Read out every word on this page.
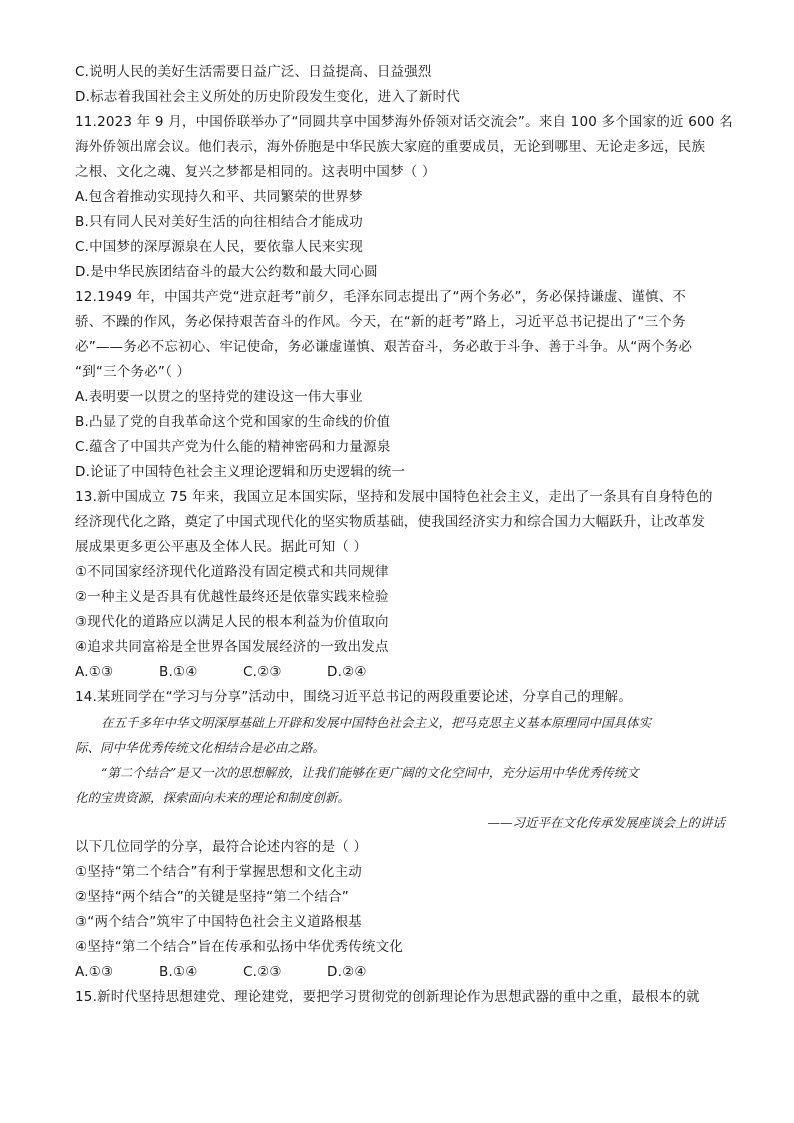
C.说明人民的美好生活需要日益广泛、日益提高、日益强烈

D.标志着我国社会主义所处的历史阶段发生变化，进入了新时代

11.2023 年 9 月，中国侨联举办了“同圆共享中国梦海外侨领对话交流会”。来自 100 多个国家的近 600 名

海外侨领出席会议。他们表示，海外侨胞是中华民族大家庭的重要成员，无论到哪里、无论走多远，民族

之根、文化之魂、复兴之梦都是相同的。这表明中国梦（ ）

A.包含着推动实现持久和平、共同繁荣的世界梦

B.只有同人民对美好生活的向往相结合才能成功

C.中国梦的深厚源泉在人民，要依靠人民来实现

D.是中华民族团结奋斗的最大公约数和最大同心圆

12.1949 年，中国共产党“进京赶考”前夕，毛泽东同志提出了“两个务必”，务必保持谦虚、谨慎、不

骄、不躁的作风，务必保持艰苦奋斗的作风。今天，在“新的赶考”路上，习近平总书记提出了“三个务

必”——务必不忘初心、牢记使命，务必谦虚谨慎、艰苦奋斗，务必敢于斗争、善于斗争。从“两个务必

“到“三个务必”（ ）

A.表明要一以贯之的坚持党的建设这一伟大事业

B.凸显了党的自我革命这个党和国家的生命线的价值

C.蕴含了中国共产党为什么能的精神密码和力量源泉

D.论证了中国特色社会主义理论逻辑和历史逻辑的统一

13.新中国成立 75 年来，我国立足本国实际，坚持和发展中国特色社会主义，走出了一条具有自身特色的

经济现代化之路，奠定了中国式现代化的坚实物质基础，使我国经济实力和综合国力大幅跃升，让改革发

展成果更多更公平惠及全体人民。据此可知（ ）

①不同国家经济现代化道路没有固定模式和共同规律

②一种主义是否具有优越性最终还是依靠实践来检验

③现代化的道路应以满足人民的根本利益为价值取向

④追求共同富裕是全世界各国发展经济的一致出发点

A.①③	B.①④	C.②③	D.②④

14.某班同学在“学习与分享”活动中，围绕习近平总书记的两段重要论述，分享自己的理解。

在五千多年中华文明深厚基础上开辟和发展中国特色社会主义，把马克思主义基本原理同中国具体实

际、同中华优秀传统文化相结合是必由之路。

“第二个结合”是又一次的思想解放，让我们能够在更广阔的文化空间中，充分运用中华优秀传统文

化的宝贵资源，探索面向未来的理论和制度创新。

——习近平在文化传承发展座谈会上的讲话

以下几位同学的分享，最符合论述内容的是（ ）

①坚持“第二个结合”有利于掌握思想和文化主动

②坚持“两个结合”的关键是坚持“第二个结合”

③“两个结合”筑牢了中国特色社会主义道路根基

④坚持“第二个结合”旨在传承和弘扬中华优秀传统文化

A.①③	B.①④	C.②③	D.②④

15.新时代坚持思想建党、理论建党，要把学习贯彻党的创新理论作为思想武器的重中之重，最根本的就
